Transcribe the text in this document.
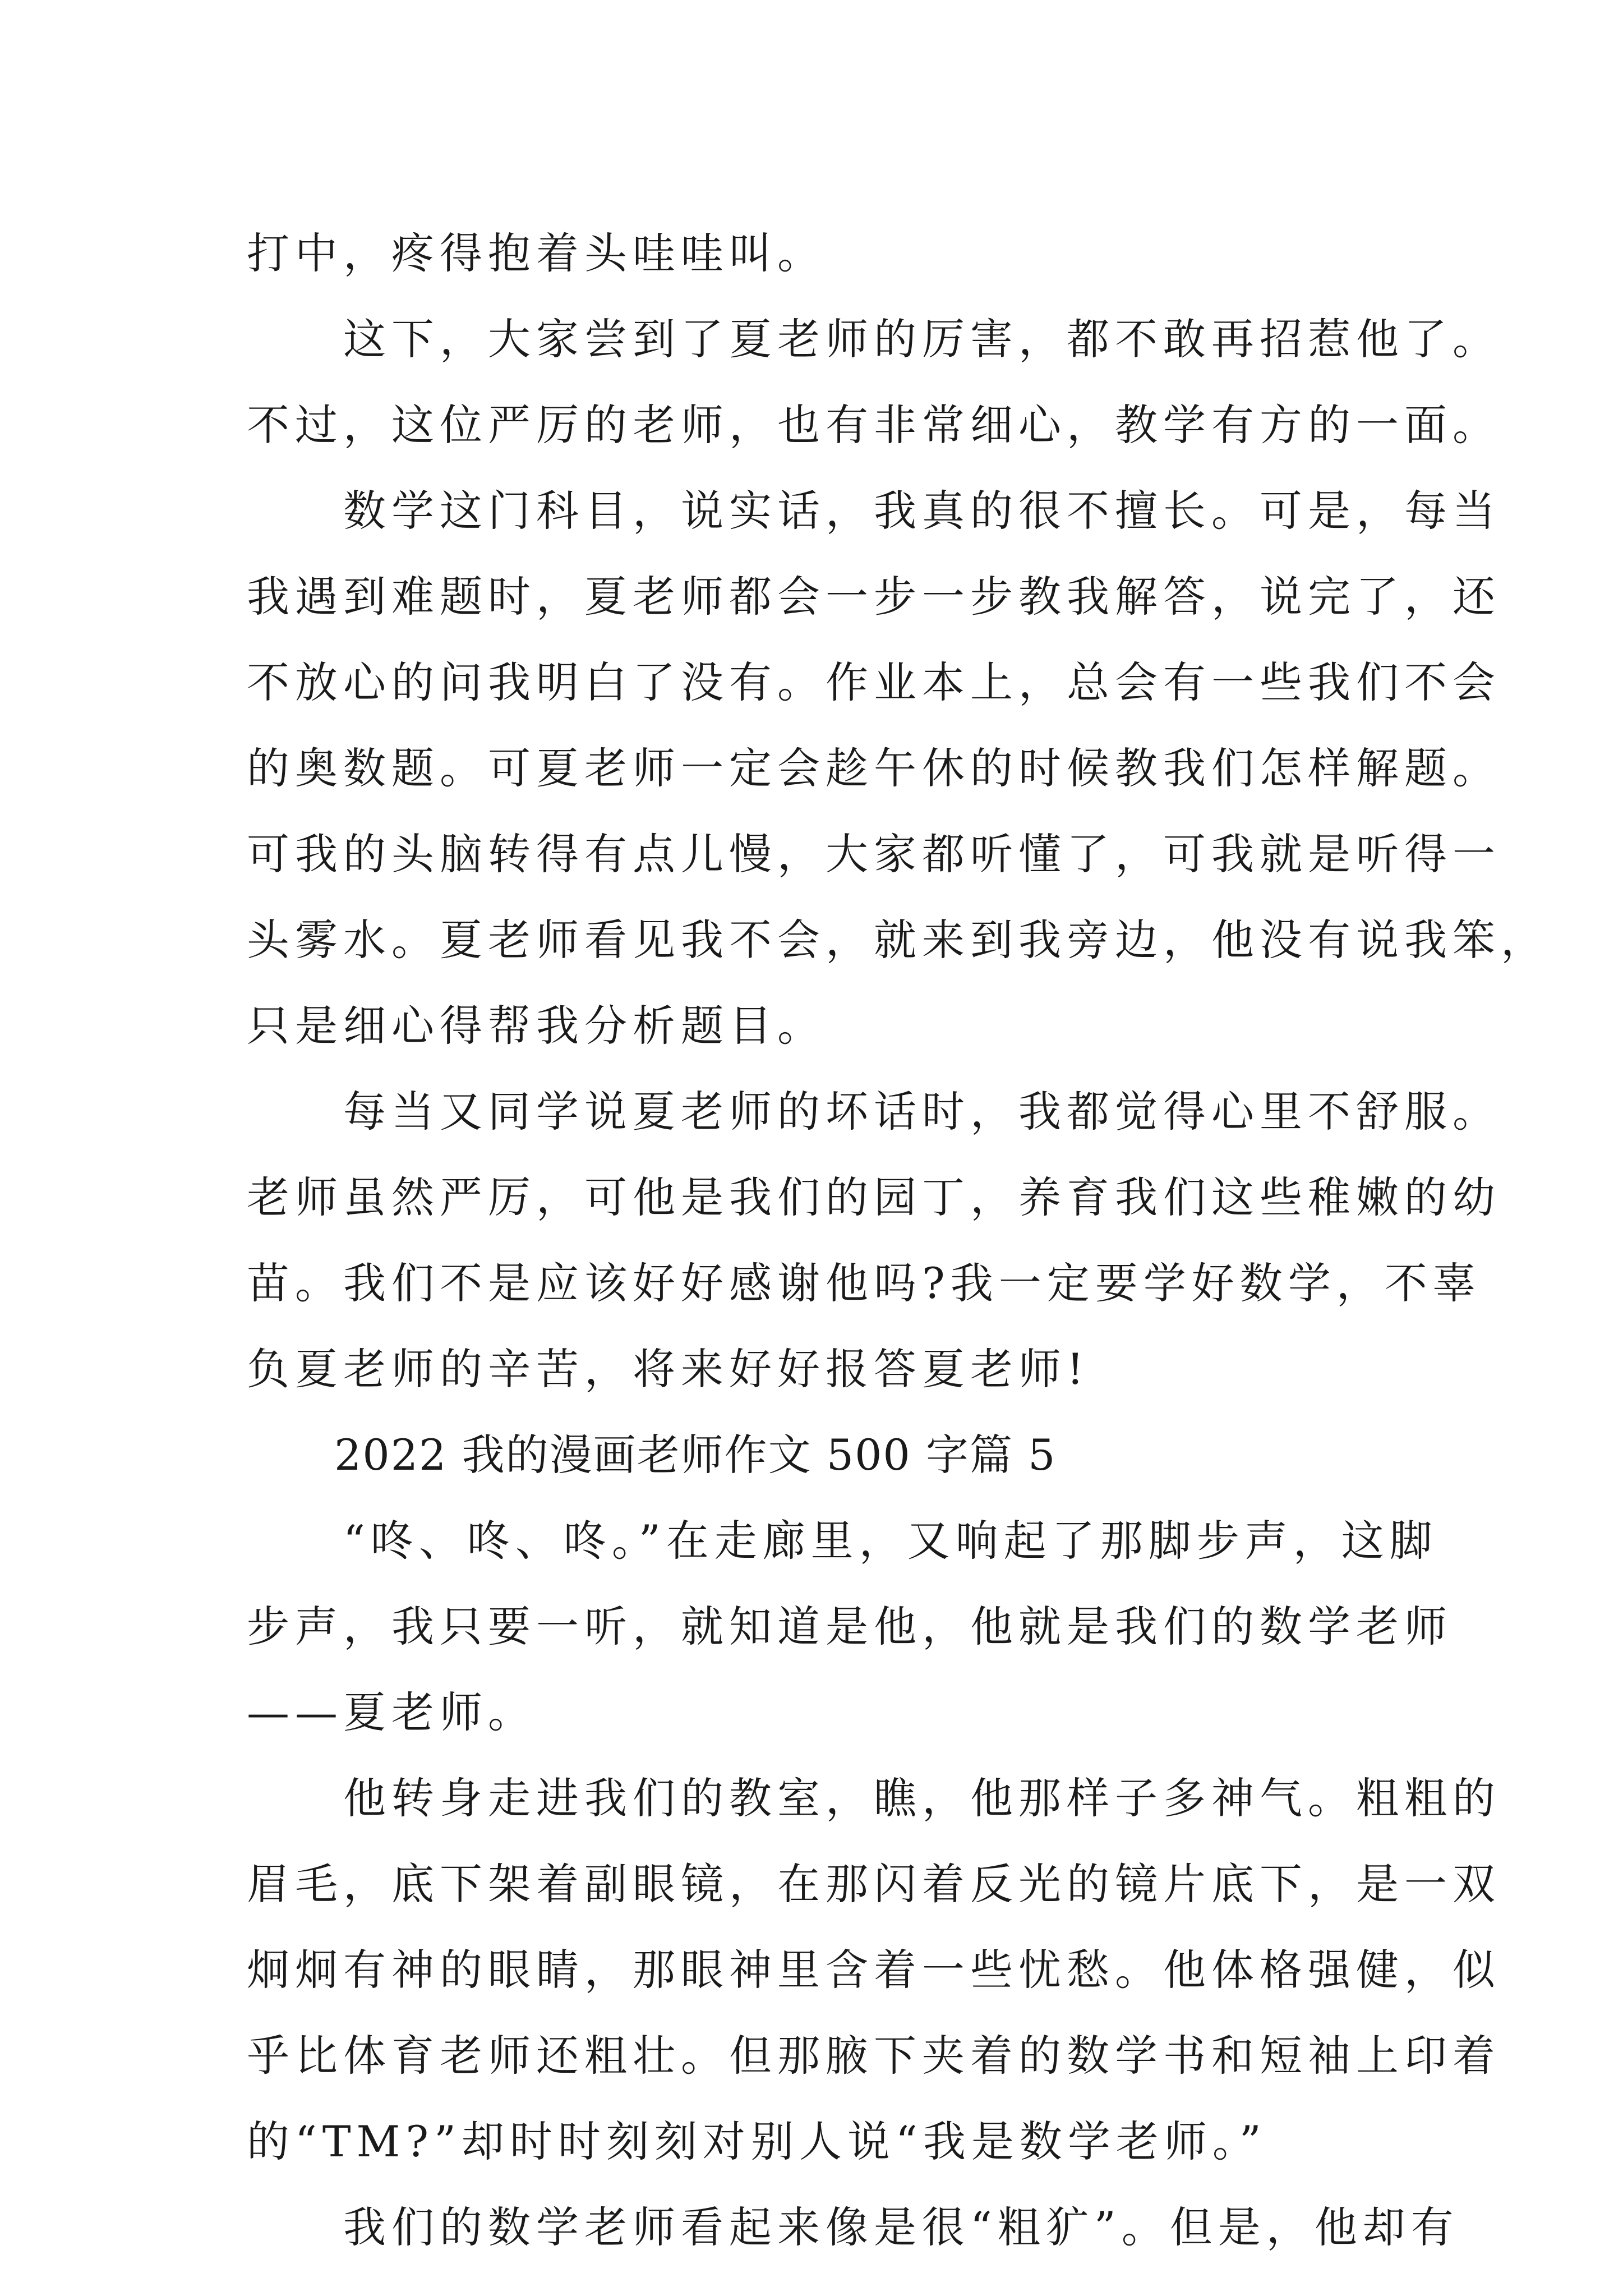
打中，疼得抱着头哇哇叫。
　　这下，大家尝到了夏老师的厉害，都不敢再招惹他了。
不过，这位严厉的老师，也有非常细心，教学有方的一面。
　　数学这门科目，说实话，我真的很不擅长。可是，每当
我遇到难题时，夏老师都会一步一步教我解答，说完了，还
不放心的问我明白了没有。作业本上，总会有一些我们不会
的奥数题。可夏老师一定会趁午休的时候教我们怎样解题。
可我的头脑转得有点儿慢，大家都听懂了，可我就是听得一
头雾水。夏老师看见我不会，就来到我旁边，他没有说我笨，
只是细心得帮我分析题目。
　　每当又同学说夏老师的坏话时，我都觉得心里不舒服。
老师虽然严厉，可他是我们的园丁，养育我们这些稚嫩的幼
苗。我们不是应该好好感谢他吗?我一定要学好数学，不辜
负夏老师的辛苦，将来好好报答夏老师!
　　2022 我的漫画老师作文 500 字篇 5
　　“咚、咚、咚。”在走廊里，又响起了那脚步声，这脚
步声，我只要一听，就知道是他，他就是我们的数学老师
——夏老师。
　　他转身走进我们的教室，瞧，他那样子多神气。粗粗的
眉毛，底下架着副眼镜，在那闪着反光的镜片底下，是一双
炯炯有神的眼睛，那眼神里含着一些忧愁。他体格强健，似
乎比体育老师还粗壮。但那腋下夹着的数学书和短袖上印着
的“TM?”却时时刻刻对别人说“我是数学老师。”
　　我们的数学老师看起来像是很“粗犷”。但是，他却有
